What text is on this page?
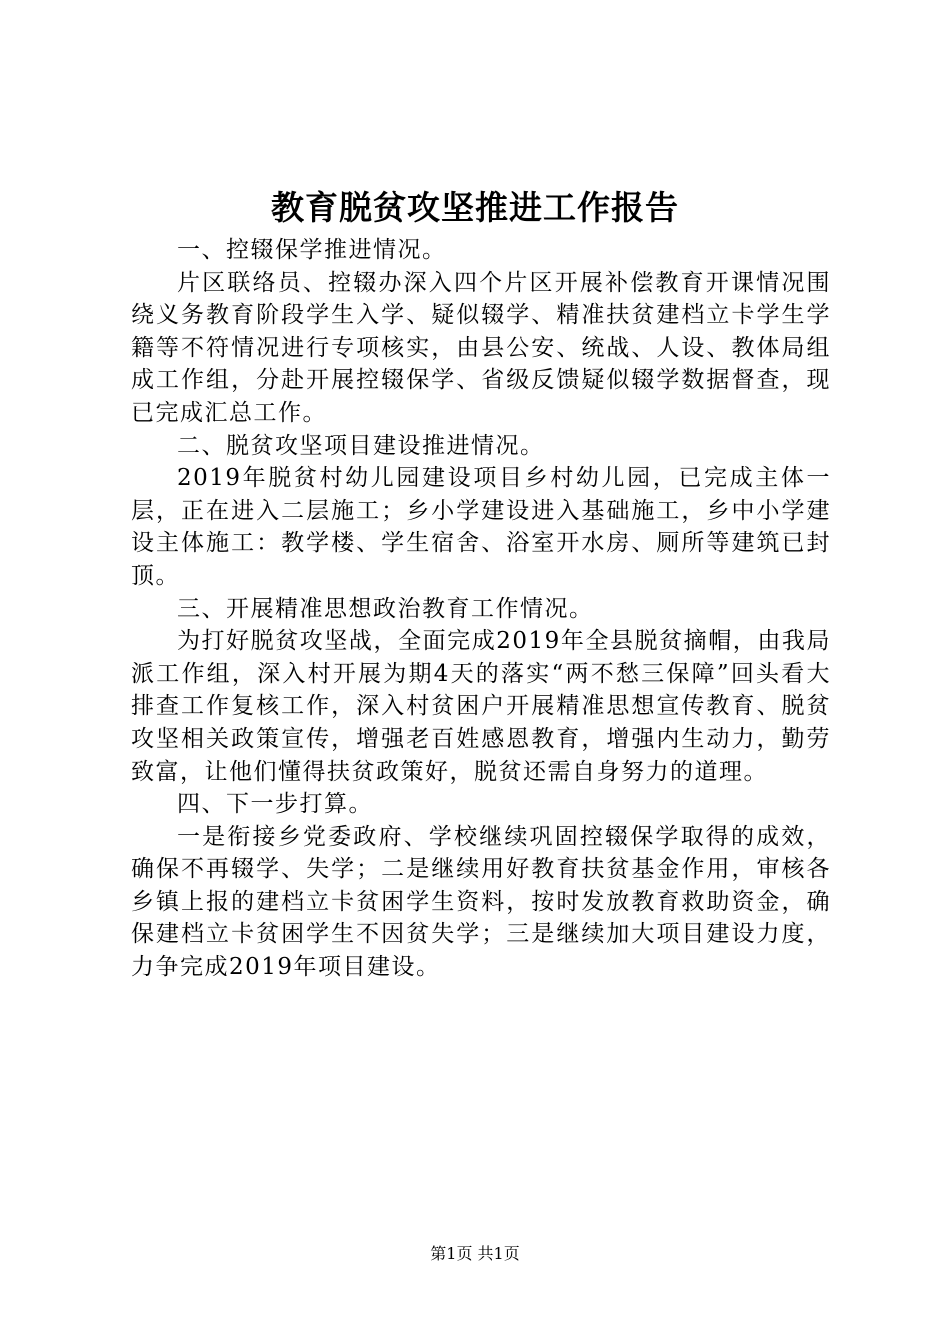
教育脱贫攻坚推进工作报告

一、控辍保学推进情况。

片区联络员、控辍办深入四个片区开展补偿教育开课情况围绕义务教育阶段学生入学、疑似辍学、精准扶贫建档立卡学生学籍等不符情况进行专项核实，由县公安、统战、人设、教体局组成工作组，分赴开展控辍保学、省级反馈疑似辍学数据督查，现已完成汇总工作。

二、脱贫攻坚项目建设推进情况。

2019年脱贫村幼儿园建设项目乡村幼儿园，已完成主体一层，正在进入二层施工；乡小学建设进入基础施工，乡中小学建设主体施工：教学楼、学生宿舍、浴室开水房、厕所等建筑已封顶。

三、开展精准思想政治教育工作情况。

为打好脱贫攻坚战，全面完成2019年全县脱贫摘帽，由我局派工作组，深入村开展为期4天的落实“两不愁三保障”回头看大排查工作复核工作，深入村贫困户开展精准思想宣传教育、脱贫攻坚相关政策宣传，增强老百姓感恩教育，增强内生动力，勤劳致富，让他们懂得扶贫政策好，脱贫还需自身努力的道理。

四、下一步打算。

一是衔接乡党委政府、学校继续巩固控辍保学取得的成效，确保不再辍学、失学；二是继续用好教育扶贫基金作用，审核各乡镇上报的建档立卡贫困学生资料，按时发放教育救助资金，确保建档立卡贫困学生不因贫失学；三是继续加大项目建设力度，力争完成2019年项目建设。

第1页 共1页
